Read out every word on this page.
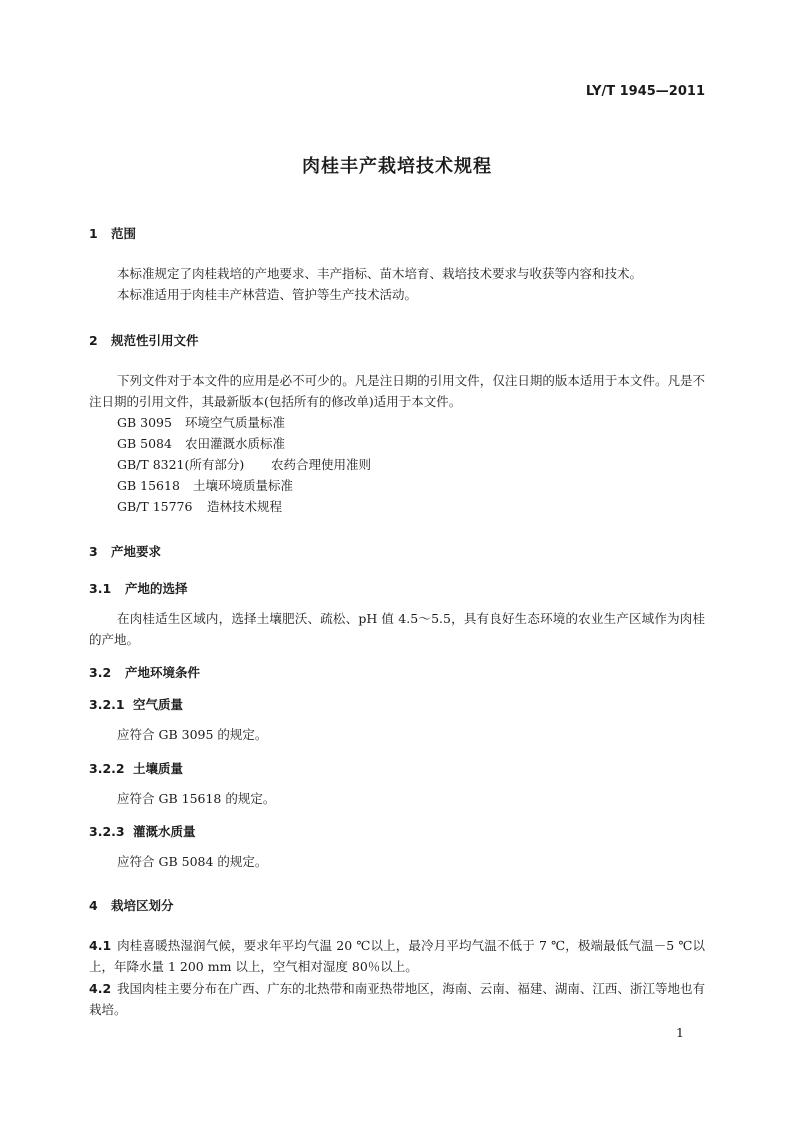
LY/T 1945—2011
肉桂丰产栽培技术规程
1 范围
本标准规定了肉桂栽培的产地要求、丰产指标、苗木培育、栽培技术要求与收获等内容和技术。
本标准适用于肉桂丰产林营造、管护等生产技术活动。
2 规范性引用文件
下列文件对于本文件的应用是必不可少的。凡是注日期的引用文件，仅注日期的版本适用于本文件。凡是不注日期的引用文件，其最新版本(包括所有的修改单)适用于本文件。
GB 3095 环境空气质量标准
GB 5084 农田灌溉水质标准
GB/T 8321(所有部分) 农药合理使用准则
GB 15618 土壤环境质量标准
GB/T 15776 造林技术规程
3 产地要求
3.1 产地的选择
在肉桂适生区域内，选择土壤肥沃、疏松、pH 值 4.5～5.5，具有良好生态环境的农业生产区域作为肉桂的产地。
3.2 产地环境条件
3.2.1 空气质量
应符合 GB 3095 的规定。
3.2.2 土壤质量
应符合 GB 15618 的规定。
3.2.3 灌溉水质量
应符合 GB 5084 的规定。
4 栽培区划分
4.1 肉桂喜暖热湿润气候，要求年平均气温 20 ℃以上，最冷月平均气温不低于 7 ℃，极端最低气温－5 ℃以上，年降水量 1 200 mm 以上，空气相对湿度 80％以上。
4.2 我国肉桂主要分布在广西、广东的北热带和南亚热带地区，海南、云南、福建、湖南、江西、浙江等地也有栽培。
1
